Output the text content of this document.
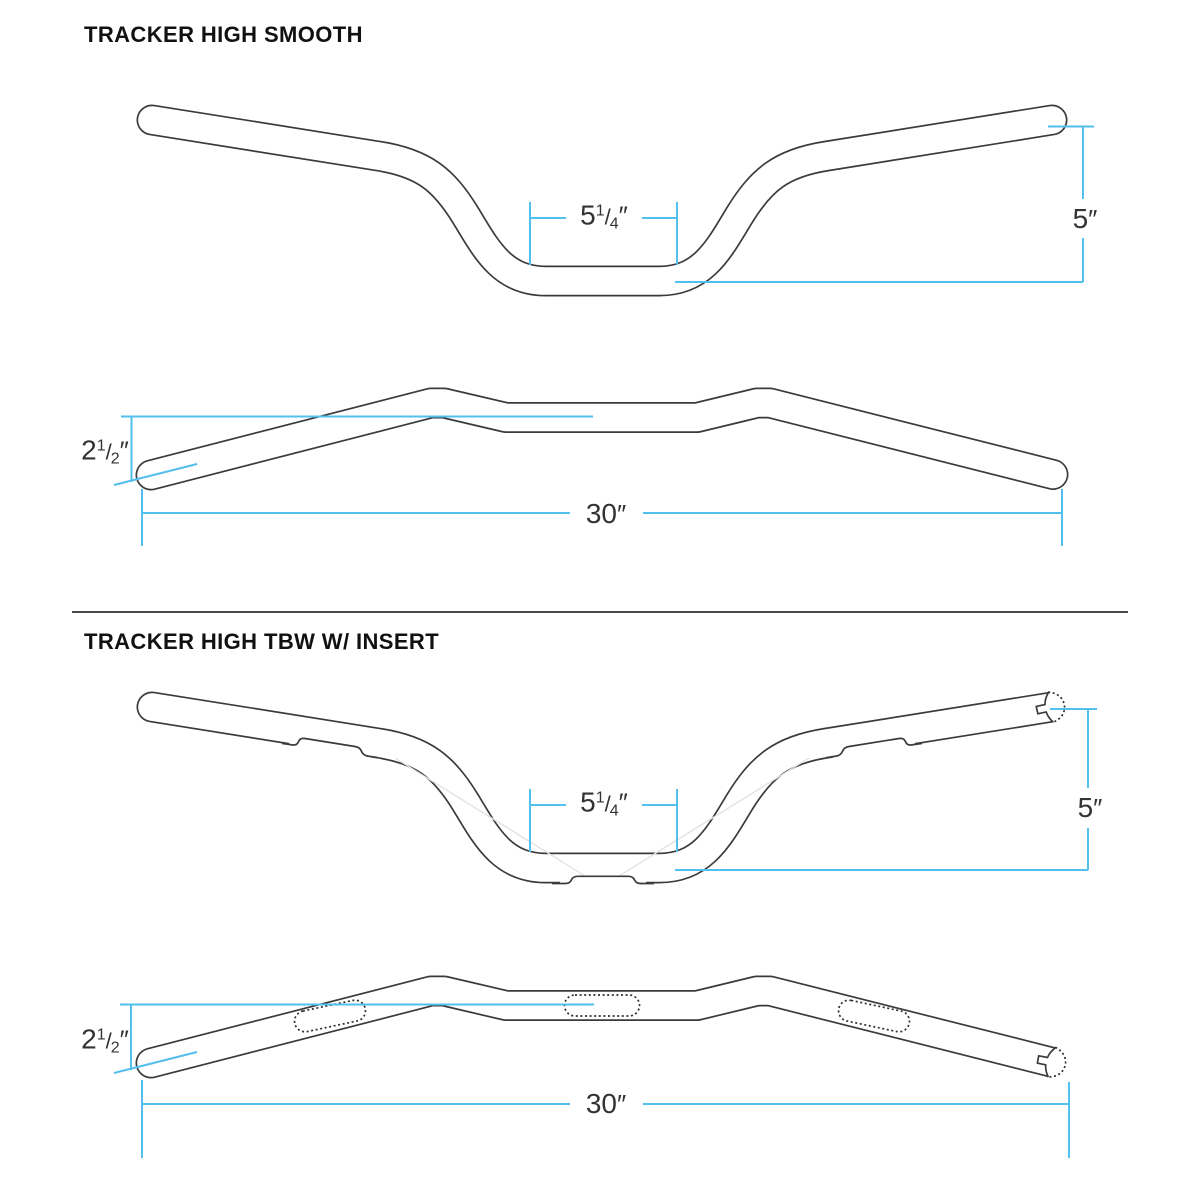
TRACKER HIGH SMOOTH
TRACKER HIGH TBW W/ INSERT
$5^1/4''$	5″
$2^1/2''$
30″
$5^1/4''$	5″
$2^1/2''$
30″
